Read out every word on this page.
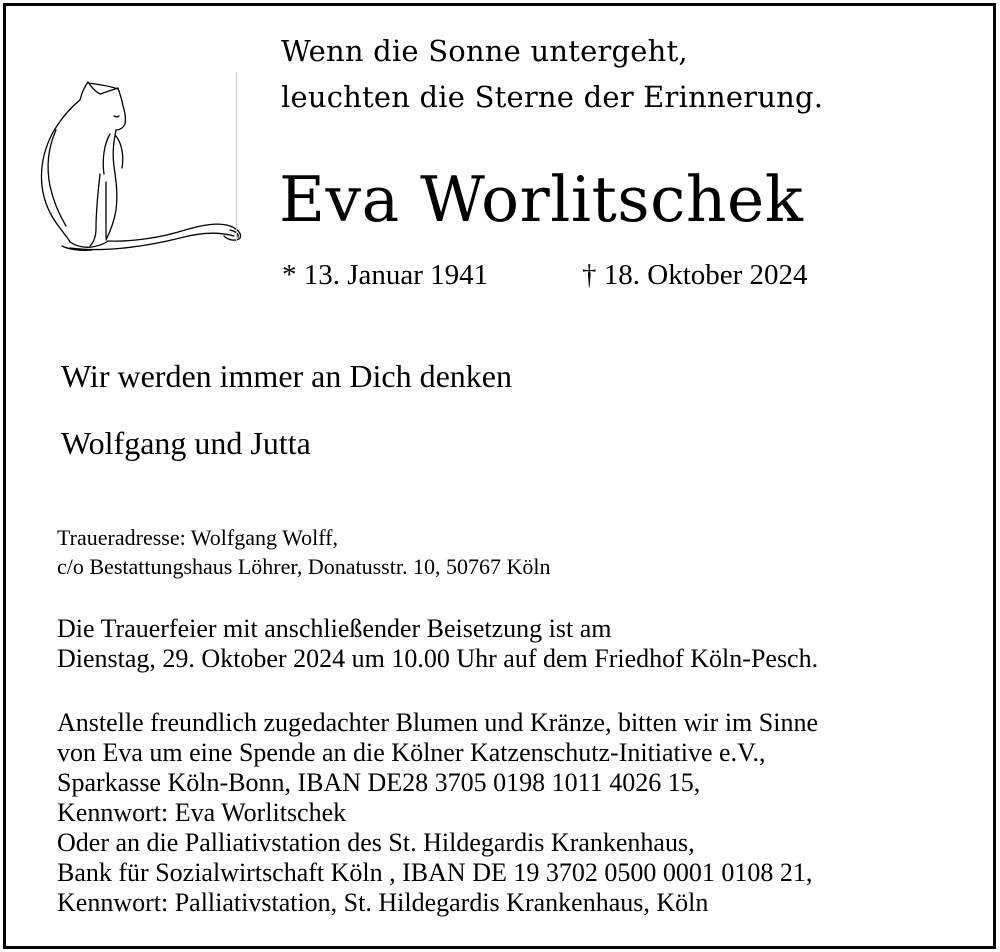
Wenn die Sonne untergeht,
leuchten die Sterne der Erinnerung.
Eva Worlitschek
* 13. Januar 1941	† 18. Oktober 2024
Wir werden immer an Dich denken
Wolfgang und Jutta
Traueradresse: Wolfgang Wolff,
c/o Bestattungshaus Löhrer, Donatusstr. 10, 50767 Köln
Die Trauerfeier mit anschließender Beisetzung ist am
Dienstag, 29. Oktober 2024 um 10.00 Uhr auf dem Friedhof Köln-Pesch.
Anstelle freundlich zugedachter Blumen und Kränze, bitten wir im Sinne
von Eva um eine Spende an die Kölner Katzenschutz-Initiative e.V.,
Sparkasse Köln-Bonn, IBAN DE28 3705 0198 1011 4026 15,
Kennwort: Eva Worlitschek
Oder an die Palliativstation des St. Hildegardis Krankenhaus,
Bank für Sozialwirtschaft Köln , IBAN DE 19 3702 0500 0001 0108 21,
Kennwort: Palliativstation, St. Hildegardis Krankenhaus, Köln
